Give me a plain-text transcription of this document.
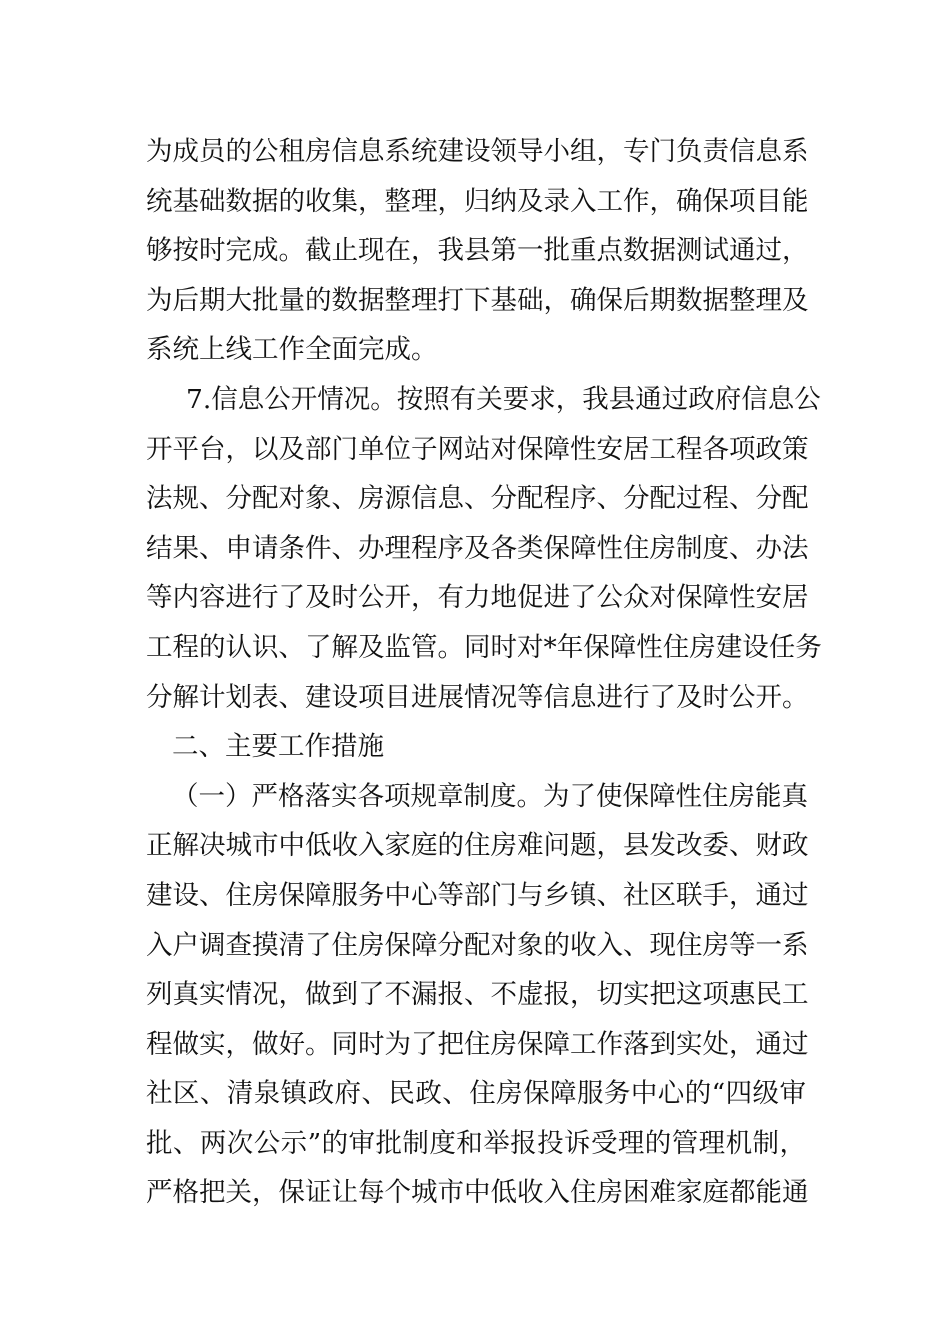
为成员的公租房信息系统建设领导小组，专门负责信息系
统基础数据的收集，整理，归纳及录入工作，确保项目能
够按时完成。截止现在，我县第一批重点数据测试通过，
为后期大批量的数据整理打下基础，确保后期数据整理及
系统上线工作全面完成。
7.信息公开情况。按照有关要求，我县通过政府信息公
开平台，以及部门单位子网站对保障性安居工程各项政策
法规、分配对象、房源信息、分配程序、分配过程、分配
结果、申请条件、办理程序及各类保障性住房制度、办法
等内容进行了及时公开，有力地促进了公众对保障性安居
工程的认识、了解及监管。同时对*年保障性住房建设任务
分解计划表、建设项目进展情况等信息进行了及时公开。
二、主要工作措施
（一）严格落实各项规章制度。为了使保障性住房能真
正解决城市中低收入家庭的住房难问题，县发改委、财政
建设、住房保障服务中心等部门与乡镇、社区联手，通过
入户调查摸清了住房保障分配对象的收入、现住房等一系
列真实情况，做到了不漏报、不虚报，切实把这项惠民工
程做实，做好。同时为了把住房保障工作落到实处，通过
社区、清泉镇政府、民政、住房保障服务中心的“四级审
批、两次公示”的审批制度和举报投诉受理的管理机制，
严格把关，保证让每个城市中低收入住房困难家庭都能通
